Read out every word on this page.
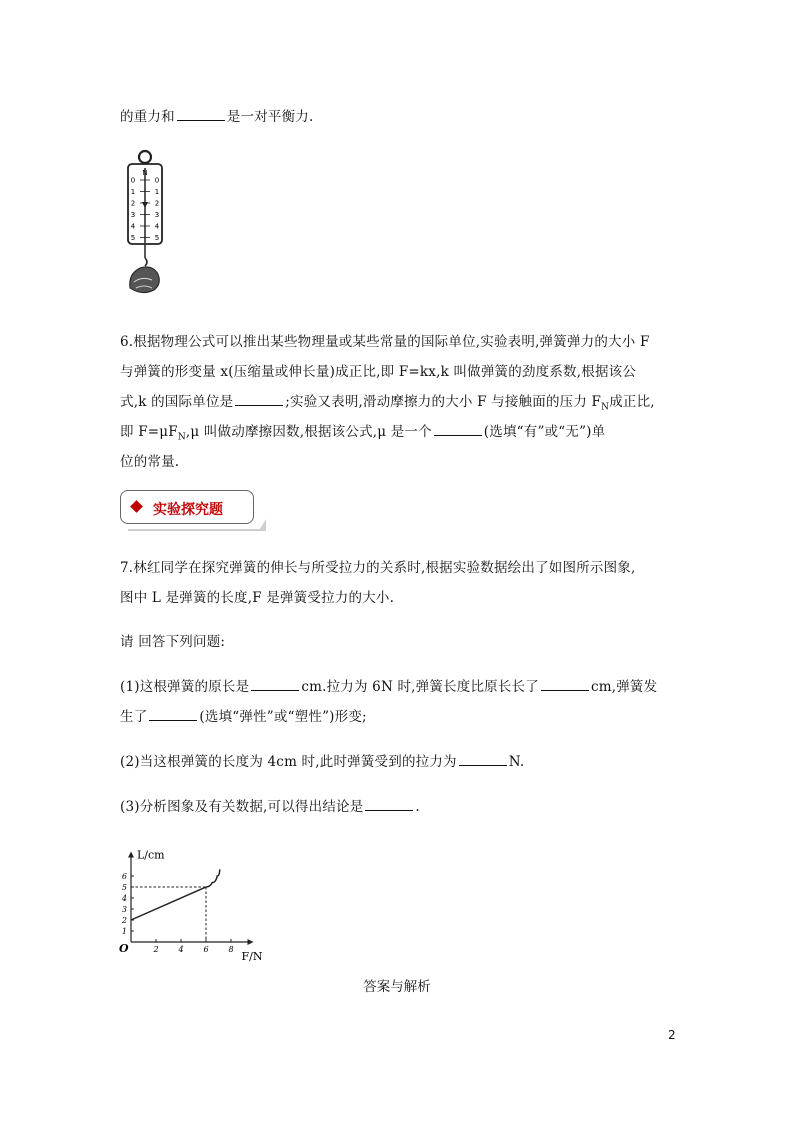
的重力和	是一对平衡力.
N
0	0
1	1
2	2
3	3
4	4
5	5
6.根据物理公式可以推出某些物理量或某些常量的国际单位,实验表明,弹簧弹力的大小 F
与弹簧的形变量 x(压缩量或伸长量)成正比,即 F=kx,k 叫做弹簧的劲度系数,根据该公
式,k 的国际单位是	;实验又表明,滑动摩擦力的大小 F 与接触面的压力 $F_N$成正比,
即 $F=\mu F_N,\mu$ 叫做动摩擦因数,根据该公式,μ 是一个	(选填“有”或“无”)单
位的常量.
实验探究题
7.林红同学在探究弹簧的伸长与所受拉力的关系时,根据实验数据绘出了如图所示图象,
图中 L 是弹簧的长度,F 是弹簧受拉力的大小.
请 回答下列问题:
(1)这根弹簧的原长是	cm.拉力为 6N 时,弹簧长度比原长长了	cm,弹簧发
生了	(选填“弹性”或“塑性”)形变;
(2)当这根弹簧的长度为 4cm 时,此时弹簧受到的拉力为	N.
(3)分析图象及有关数据,可以得出结论是	.
L/cm
F/N
O	2 4 6 8
1
2
3
4
5
6
答案与解析
2
